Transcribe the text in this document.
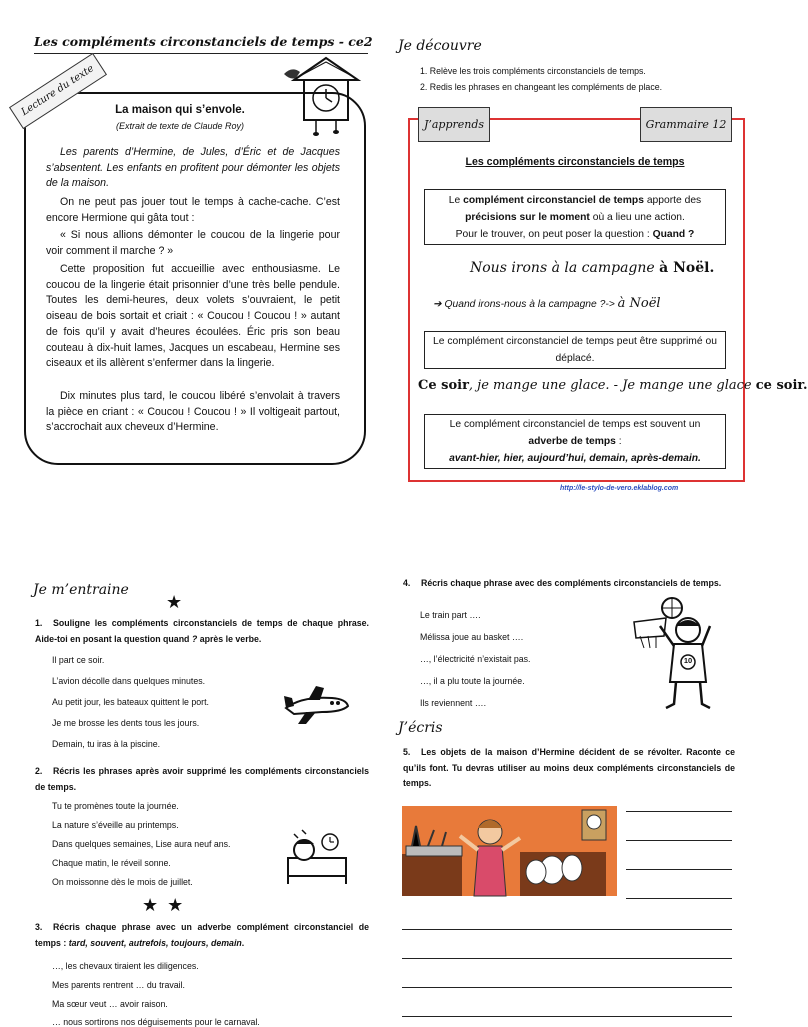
Les compléments circonstanciels de temps - ce2
Lecture du texte	La maison qui s’envole.
(Extrait de texte de Claude Roy)

Les parents d’Hermine, de Jules, d’Éric et de Jacques s’absentent. Les enfants en profitent pour démonter les objets de la maison.

On ne peut pas jouer tout le temps à cache-cache. C’est encore Hermione qui gâta tout :

« Si nous allions démonter le coucou de la lingerie pour voir comment il marche ? »

Cette proposition fut accueillie avec enthousiasme. Le coucou de la lingerie était prisonnier d’une très belle pendule. Toutes les demi-heures, deux volets s’ouvraient, le petit oiseau de bois sortait et criait : « Coucou ! Coucou ! » autant de fois qu’il y avait d’heures écoulées. Éric pris son beau couteau à dix-huit lames, Jacques un escabeau, Hermine ses ciseaux et ils allèrent s’enfermer dans la lingerie.

Dix minutes plus tard, le coucou libéré s’envolait à travers la pièce en criant : « Coucou ! Coucou ! » Il voltigeait partout, s’accrochait aux cheveux d’Hermine.

Je découvre
1. Relève les trois compléments circonstanciels de temps.
2. Redis les phrases en changeant les compléments de place.
J’apprends	Grammaire 12
Les compléments circonstanciels de temps
Le complément circonstanciel de temps apporte des
précisions sur le moment où a lieu une action.
Pour le trouver, on peut poser la question : Quand ?
Nous irons à la campagne à Noël.
➔ Quand irons-nous à la campagne ?-> à Noël
Le complément circonstanciel de temps peut être supprimé ou déplacé.
Ce soir, je mange une glace. - Je mange une glace ce soir.
Le complément circonstanciel de temps est souvent un
adverbe de temps :
avant-hier, hier, aujourd’hui, demain, après-demain.
http://le-stylo-de-vero.eklablog.com
Je m’entraine
★
1. Souligne les compléments circonstanciels de temps de chaque phrase. Aide-toi en posant la question quand ? après le verbe.
Il part ce soir.
L’avion décolle dans quelques minutes.
Au petit jour, les bateaux quittent le port.
Je me brosse les dents tous les jours.
Demain, tu iras à la piscine.
2. Récris les phrases après avoir supprimé les compléments circonstanciels de temps.
Tu te promènes toute la journée.
La nature s’éveille au printemps.
Dans quelques semaines, Lise aura neuf ans.
Chaque matin, le réveil sonne.
On moissonne dès le mois de juillet.
★ ★
3. Récris chaque phrase avec un adverbe complément circonstanciel de temps : tard, souvent, autrefois, toujours, demain.
…, les chevaux tiraient les diligences.
Mes parents rentrent … du travail.
Ma sœur veut … avoir raison.
… nous sortirons nos déguisements pour le carnaval.
4. Récris chaque phrase avec des compléments circonstanciels de temps.
Le train part ….
Mélissa joue au basket ….
…, l’électricité n’existait pas.
…, il a plu toute la journée.
Ils reviennent ….
10
J’écris
5. Les objets de la maison d’Hermine décident de se révolter. Raconte ce qu’ils font. Tu devras utiliser au moins deux compléments circonstanciels de temps.
